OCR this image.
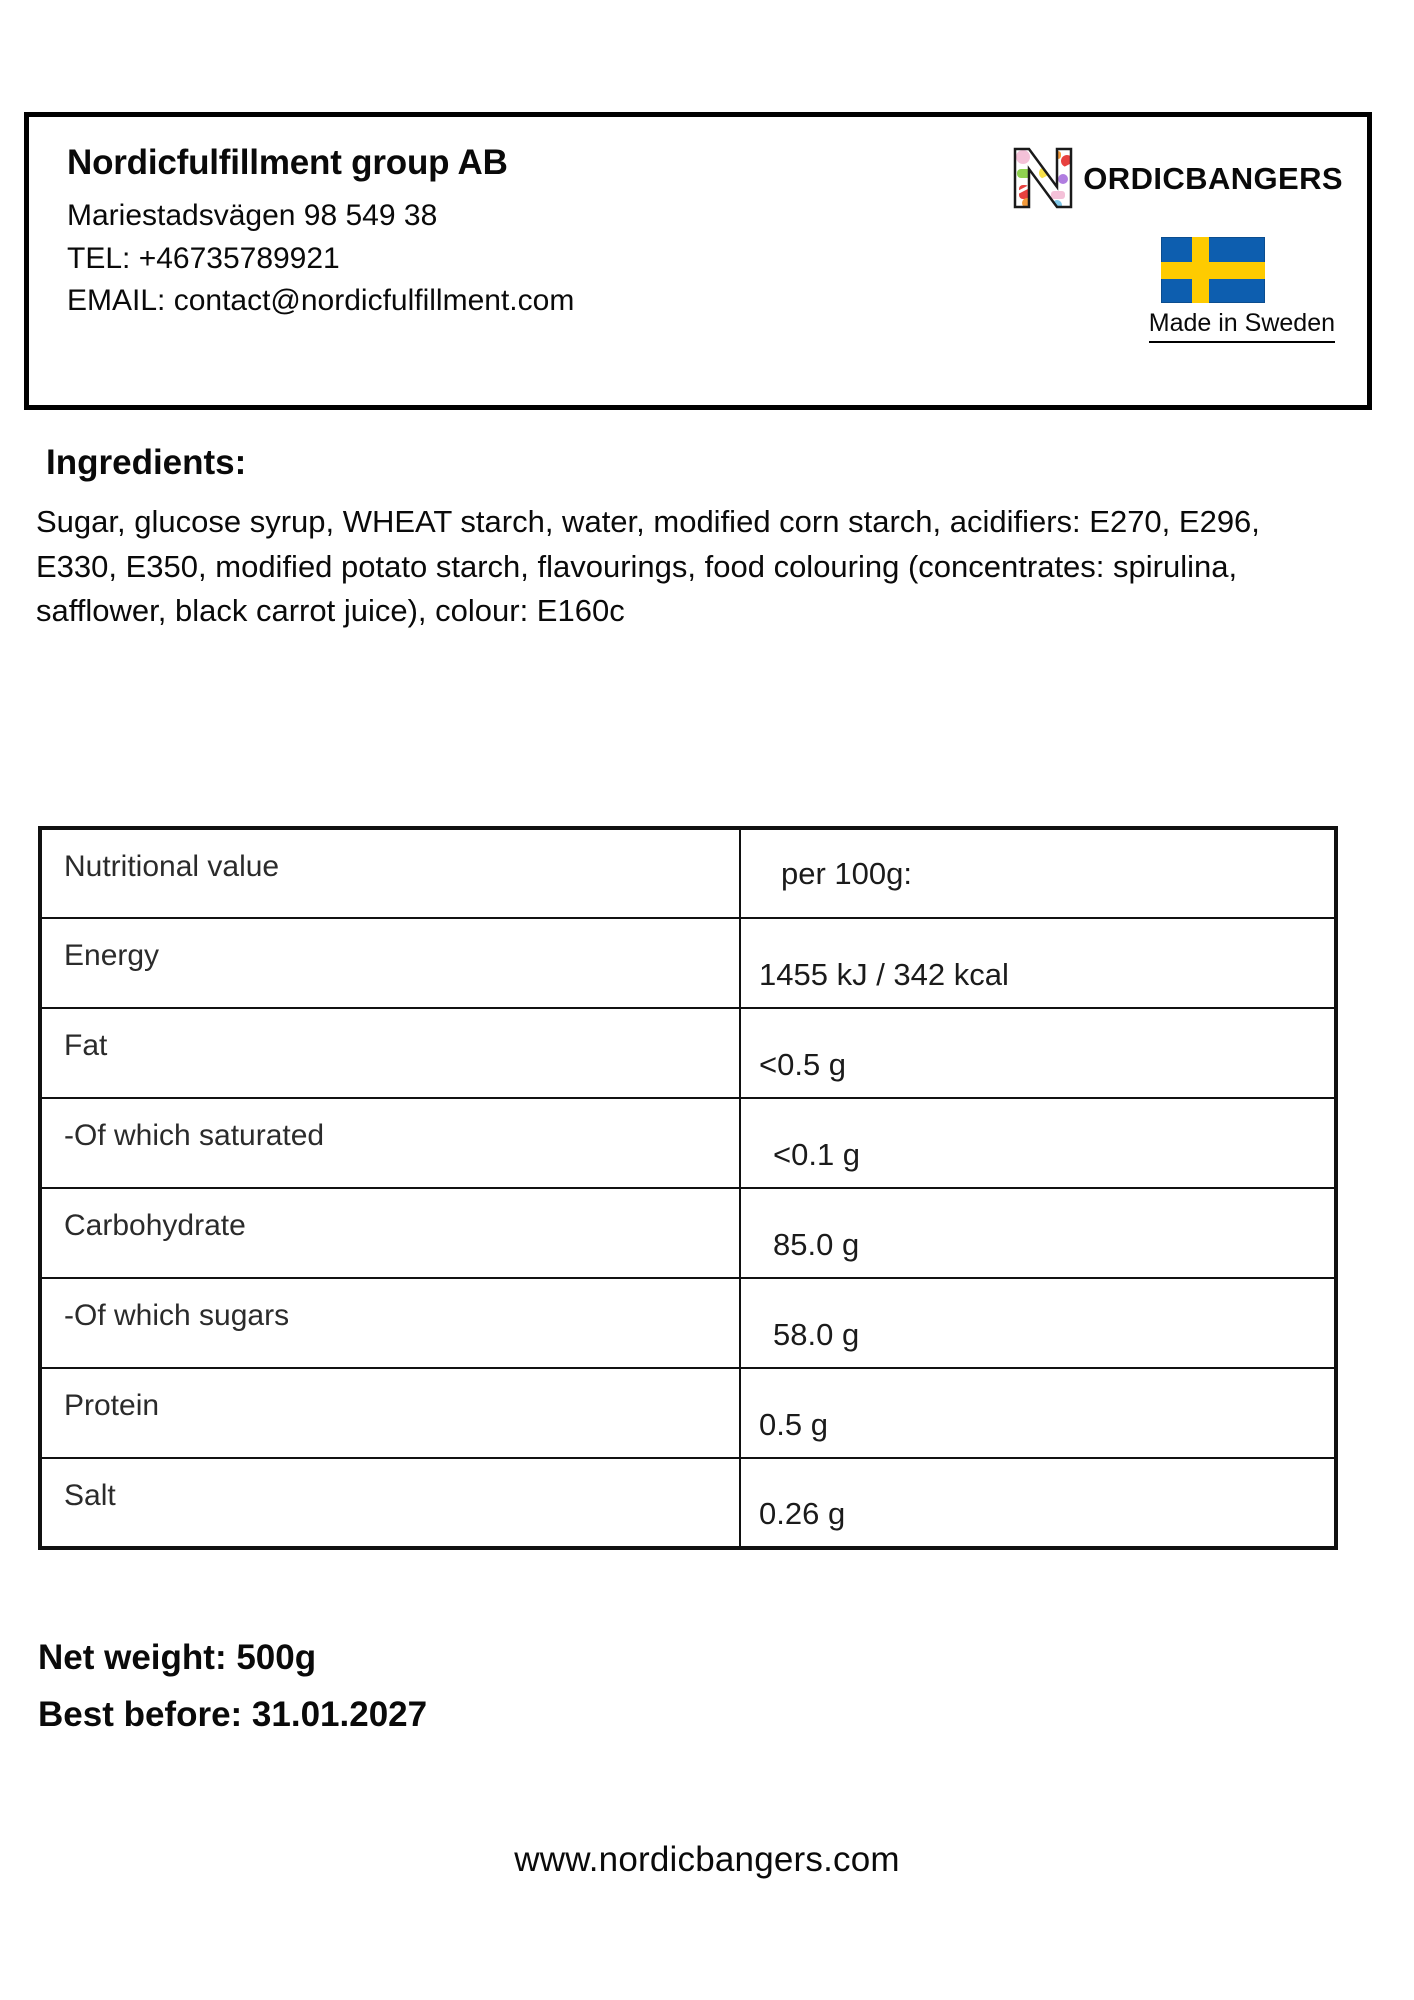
Nordicfulfillment group AB
Mariestadsvägen 98 549 38
TEL: +46735789921
EMAIL: contact@nordicfulfillment.com
ORDICBANGERS
Made in Sweden
Ingredients:
Sugar, glucose syrup, WHEAT starch, water, modified corn starch, acidifiers: E270, E296, E330, E350, modified potato starch, flavourings, food colouring (concentrates: spirulina, safflower, black carrot juice), colour: E160c
Nutritional value	per 100g:
Energy	1455 kJ / 342 kcal
Fat	<0.5 g
-Of which saturated	<0.1 g
Carbohydrate	85.0 g
-Of which sugars	58.0 g
Protein	0.5 g
Salt	0.26 g
Net weight: 500g
Best before: 31.01.2027
www.nordicbangers.com
